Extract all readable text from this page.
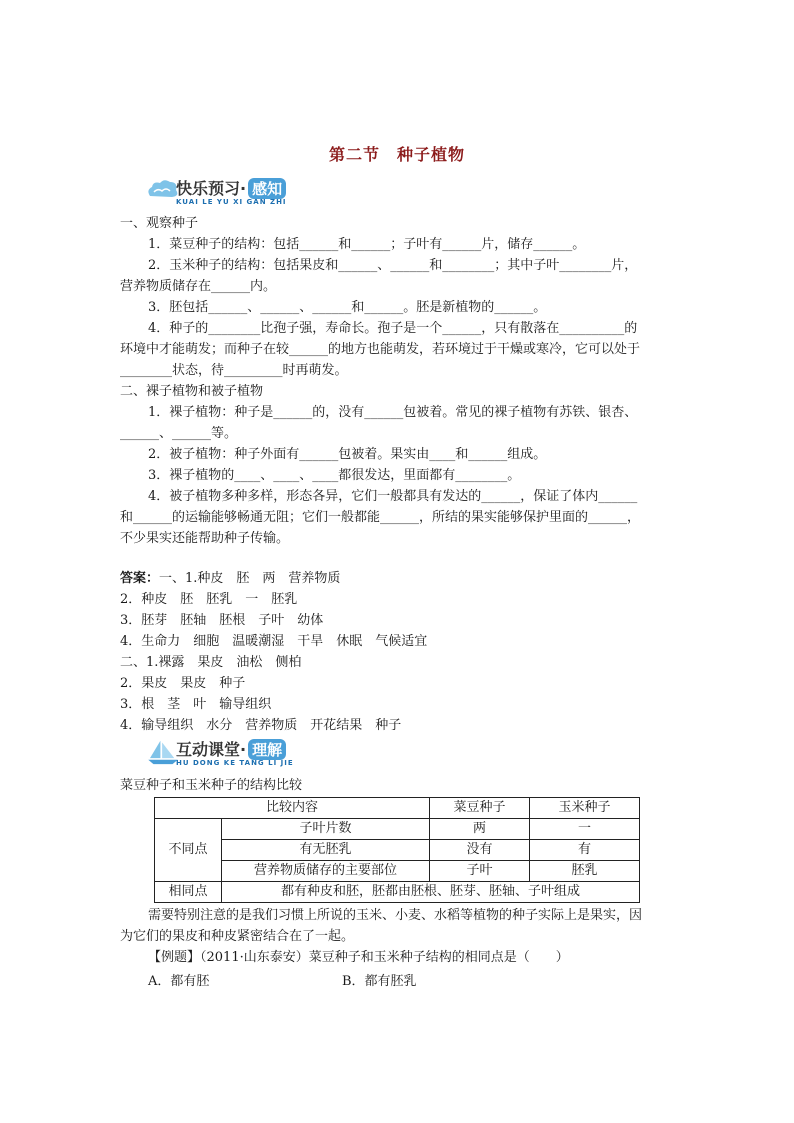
第二节　种子植物
快乐预习· 感知
KUAI LE YU XI GAN ZHI
一、观察种子
1．菜豆种子的结构：包括______和______；子叶有______片，储存______。
2．玉米种子的结构：包括果皮和______、______和________；其中子叶________片，
营养物质储存在______内。
3．胚包括______、______、______和______。胚是新植物的______。
4．种子的________比孢子强，寿命长。孢子是一个______，只有散落在__________的
环境中才能萌发；而种子在较______的地方也能萌发，若环境过于干燥或寒冷，它可以处于
________状态，待_________时再萌发。
二、裸子植物和被子植物
1．裸子植物：种子是______的，没有______包被着。常见的裸子植物有苏铁、银杏、
______、______等。
2．被子植物：种子外面有______包被着。果实由____和______组成。
3．裸子植物的____、____、____都很发达，里面都有________。
4．被子植物多种多样，形态各异，它们一般都具有发达的______，保证了体内______
和______的运输能够畅通无阻；它们一般都能______，所结的果实能够保护里面的______，
不少果实还能帮助种子传输。
答案：一、1.种皮　胚　两　营养物质
2．种皮　胚　胚乳　一　胚乳
3．胚芽　胚轴　胚根　子叶　幼体
4．生命力　细胞　温暖潮湿　干旱　休眠　气候适宜
二、1.裸露　果皮　油松　侧柏
2．果皮　果皮　种子
3．根　茎　叶　输导组织
4．输导组织　水分　营养物质　开花结果　种子
互动课堂· 理解
HU DONG KE TANG LI JIE
菜豆种子和玉米种子的结构比较
比较内容		菜豆种子	玉米种子
不同点	子叶片数	两	一
	有无胚乳	没有	有
	营养物质储存的主要部位	子叶	胚乳
相同点	都有种皮和胚，胚都由胚根、胚芽、胚轴、子叶组成		
需要特别注意的是我们习惯上所说的玉米、小麦、水稻等植物的种子实际上是果实，因
为它们的果皮和种皮紧密结合在了一起。
【例题】（2011·山东泰安）菜豆种子和玉米种子结构的相同点是（　　）
A．都有胚	B．都有胚乳
